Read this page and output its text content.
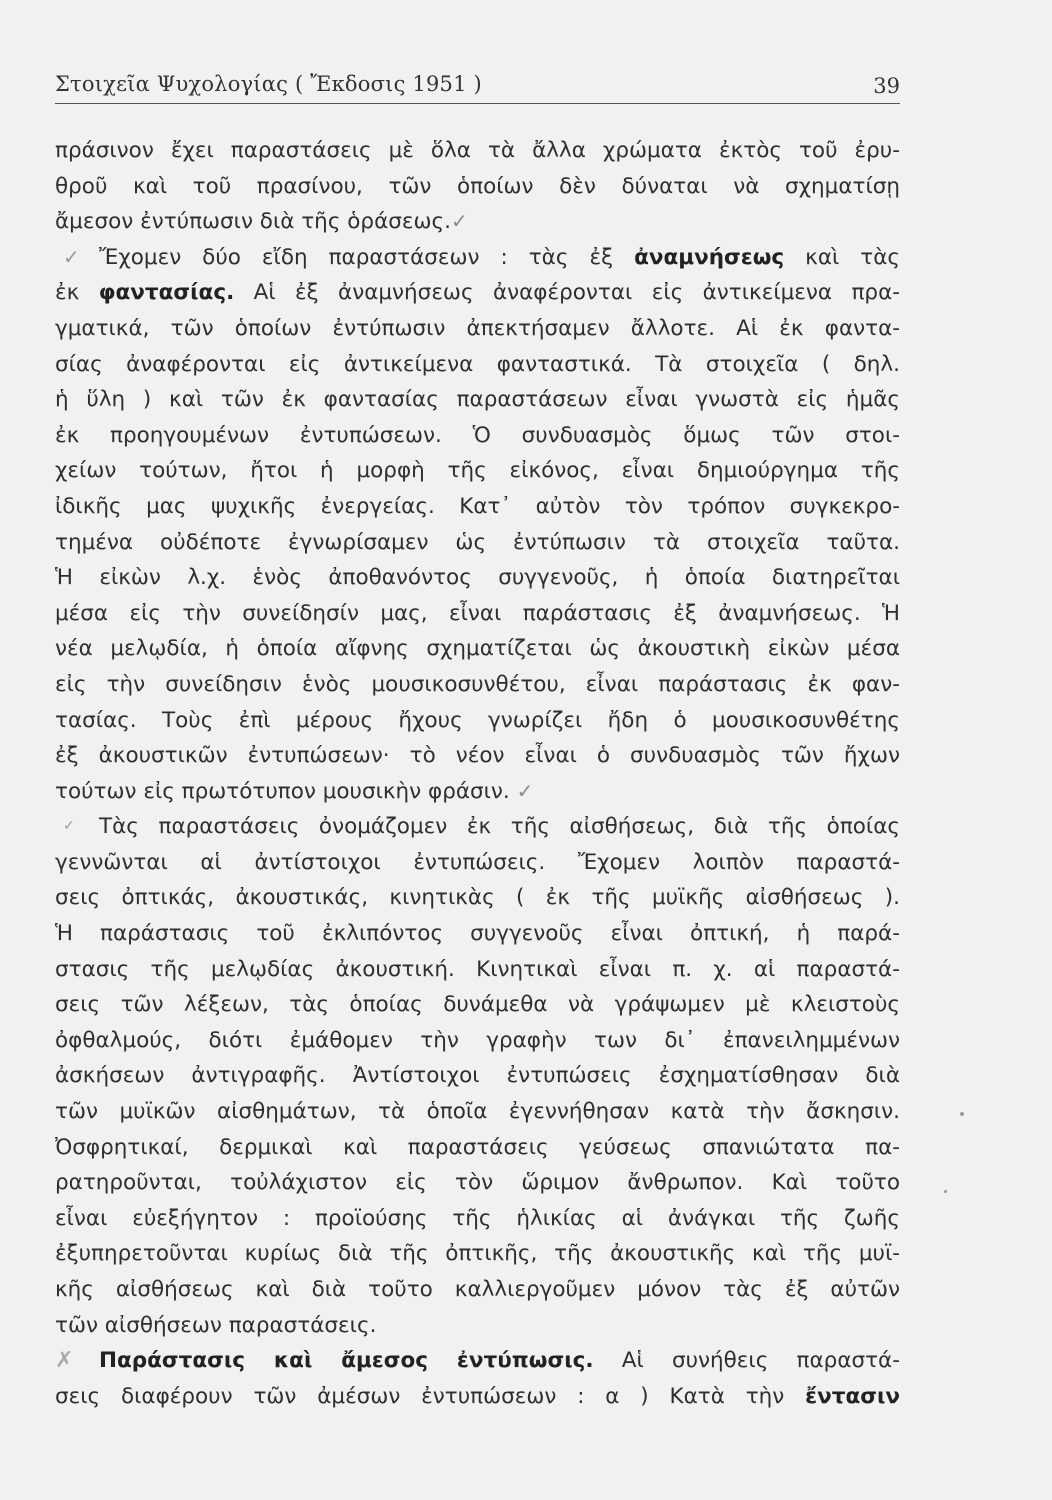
Στοιχεῖα Ψυχολογίας ( Ἔκδοσις 1951 )	39
πράσινον ἔχει παραστάσεις μὲ ὅλα τὰ ἄλλα χρώματα ἐκτὸς τοῦ ἐρυ-
θροῦ καὶ τοῦ πρασίνου, τῶν ὁποίων δὲν δύναται νὰ σχηματίσῃ
ἄμεσον ἐντύπωσιν διὰ τῆς ὁράσεως.✓
✓ Ἔχομεν δύο εἴδη παραστάσεων : τὰς ἐξ ἀναμνήσεως καὶ τὰς
ἐκ φαντασίας. Αἱ ἐξ ἀναμνήσεως ἀναφέρονται εἰς ἀντικείμενα πρα-
γματικά, τῶν ὁποίων ἐντύπωσιν ἀπεκτήσαμεν ἄλλοτε. Αἱ ἐκ φαντα-
σίας ἀναφέρονται εἰς ἀντικείμενα φανταστικά. Τὰ στοιχεῖα ( δηλ.
ἡ ὕλη ) καὶ τῶν ἐκ φαντασίας παραστάσεων εἶναι γνωστὰ εἰς ἡμᾶς
ἐκ προηγουμένων ἐντυπώσεων. Ὁ συνδυασμὸς ὅμως τῶν στοι-
χείων τούτων, ἤτοι ἡ μορφὴ τῆς εἰκόνος, εἶναι δημιούργημα τῆς
ἰδικῆς μας ψυχικῆς ἐνεργείας. Κατ᾽ αὐτὸν τὸν τρόπον συγκεκρο-
τημένα οὐδέποτε ἐγνωρίσαμεν ὡς ἐντύπωσιν τὰ στοιχεῖα ταῦτα.
Ἡ εἰκὼν λ.χ. ἑνὸς ἀποθανόντος συγγενοῦς, ἡ ὁποία διατηρεῖται
μέσα εἰς τὴν συνείδησίν μας, εἶναι παράστασις ἐξ ἀναμνήσεως. Ἡ
νέα μελῳδία, ἡ ὁποία αἴφνης σχηματίζεται ὡς ἀκουστικὴ εἰκὼν μέσα
εἰς τὴν συνείδησιν ἑνὸς μουσικοσυνθέτου, εἶναι παράστασις ἐκ φαν-
τασίας. Τοὺς ἐπὶ μέρους ἤχους γνωρίζει ἤδη ὁ μουσικοσυνθέτης
ἐξ ἀκουστικῶν ἐντυπώσεων· τὸ νέον εἶναι ὁ συνδυασμὸς τῶν ἤχων
τούτων εἰς πρωτότυπον μουσικὴν φράσιν. ✓
✓ Τὰς παραστάσεις ὀνομάζομεν ἐκ τῆς αἰσθήσεως, διὰ τῆς ὁποίας
γεννῶνται αἱ ἀντίστοιχοι ἐντυπώσεις. Ἔχομεν λοιπὸν παραστά-
σεις ὀπτικάς, ἀκουστικάς, κινητικὰς ( ἐκ τῆς μυϊκῆς αἰσθήσεως ).
Ἡ παράστασις τοῦ ἐκλιπόντος συγγενοῦς εἶναι ὀπτική, ἡ παρά-
στασις τῆς μελῳδίας ἀκουστική. Κινητικαὶ εἶναι π. χ. αἱ παραστά-
σεις τῶν λέξεων, τὰς ὁποίας δυνάμεθα νὰ γράψωμεν μὲ κλειστοὺς
ὀφθαλμούς, διότι ἐμάθομεν τὴν γραφὴν των δι᾽ ἐπανειλημμένων
ἀσκήσεων ἀντιγραφῆς. Ἀντίστοιχοι ἐντυπώσεις ἐσχηματίσθησαν διὰ
τῶν μυϊκῶν αἰσθημάτων, τὰ ὁποῖα ἐγεννήθησαν κατὰ τὴν ἄσκησιν.
Ὀσφρητικαί, δερμικαὶ καὶ παραστάσεις γεύσεως σπανιώτατα πα-
ρατηροῦνται, τοὐλάχιστον εἰς τὸν ὥριμον ἄνθρωπον. Καὶ τοῦτο
εἶναι εὐεξήγητον : προϊούσης τῆς ἡλικίας αἱ ἀνάγκαι τῆς ζωῆς
ἐξυπηρετοῦνται κυρίως διὰ τῆς ὀπτικῆς, τῆς ἀκουστικῆς καὶ τῆς μυϊ-
κῆς αἰσθήσεως καὶ διὰ τοῦτο καλλιεργοῦμεν μόνον τὰς ἐξ αὐτῶν
τῶν αἰσθήσεων παραστάσεις.
✗ Παράστασις καὶ ἄμεσος ἐντύπωσις. Αἱ συνήθεις παραστά-
σεις διαφέρουν τῶν ἀμέσων ἐντυπώσεων : α ) Κατὰ τὴν ἔντασιν
